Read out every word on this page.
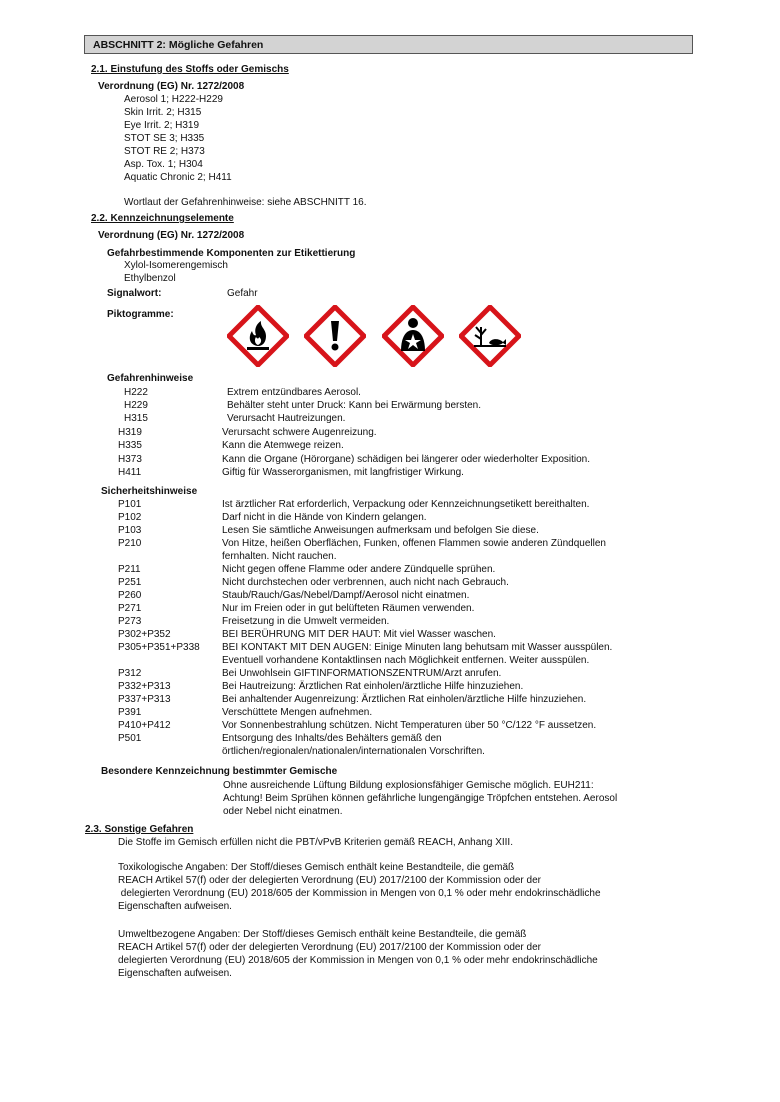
ABSCHNITT 2: Mögliche Gefahren
2.1. Einstufung des Stoffs oder Gemischs
Verordnung (EG) Nr. 1272/2008
Aerosol 1; H222-H229
Skin Irrit. 2; H315
Eye Irrit. 2; H319
STOT SE 3; H335
STOT RE 2; H373
Asp. Tox. 1; H304
Aquatic Chronic 2; H411
Wortlaut der Gefahrenhinweise: siehe ABSCHNITT 16.
2.2. Kennzeichnungselemente
Verordnung (EG) Nr. 1272/2008
Gefahrbestimmende Komponenten zur Etikettierung
Xylol-Isomerengemisch
Ethylbenzol
Signalwort:	Gefahr
Piktogramme:
Gefahrenhinweise
H222	Extrem entzündbares Aerosol.
H229	Behälter steht unter Druck: Kann bei Erwärmung bersten.
H315	Verursacht Hautreizungen.
H319	Verursacht schwere Augenreizung.
H335	Kann die Atemwege reizen.
H373	Kann die Organe (Hörorgane) schädigen bei längerer oder wiederholter Exposition.
H411	Giftig für Wasserorganismen, mit langfristiger Wirkung.
Sicherheitshinweise
P101	Ist ärztlicher Rat erforderlich, Verpackung oder Kennzeichnungsetikett bereithalten.
P102	Darf nicht in die Hände von Kindern gelangen.
P103	Lesen Sie sämtliche Anweisungen aufmerksam und befolgen Sie diese.
P210	Von Hitze, heißen Oberflächen, Funken, offenen Flammen sowie anderen Zündquellen
fernhalten. Nicht rauchen.
P211	Nicht gegen offene Flamme oder andere Zündquelle sprühen.
P251	Nicht durchstechen oder verbrennen, auch nicht nach Gebrauch.
P260	Staub/Rauch/Gas/Nebel/Dampf/Aerosol nicht einatmen.
P271	Nur im Freien oder in gut belüfteten Räumen verwenden.
P273	Freisetzung in die Umwelt vermeiden.
P302+P352	BEI BERÜHRUNG MIT DER HAUT: Mit viel Wasser waschen.
P305+P351+P338 BEI KONTAKT MIT DEN AUGEN: Einige Minuten lang behutsam mit Wasser ausspülen.
Eventuell vorhandene Kontaktlinsen nach Möglichkeit entfernen. Weiter ausspülen.
P312	Bei Unwohlsein GIFTINFORMATIONSZENTRUM/Arzt anrufen.
P332+P313	Bei Hautreizung: Ärztlichen Rat einholen/ärztliche Hilfe hinzuziehen.
P337+P313	Bei anhaltender Augenreizung: Ärztlichen Rat einholen/ärztliche Hilfe hinzuziehen.
P391	Verschüttete Mengen aufnehmen.
P410+P412	Vor Sonnenbestrahlung schützen. Nicht Temperaturen über 50 °C/122 °F aussetzen.
P501	Entsorgung des Inhalts/des Behälters gemäß den
örtlichen/regionalen/nationalen/internationalen Vorschriften.
Besondere Kennzeichnung bestimmter Gemische
Ohne ausreichende Lüftung Bildung explosionsfähiger Gemische möglich. EUH211:
Achtung! Beim Sprühen können gefährliche lungengängige Tröpfchen entstehen. Aerosol
oder Nebel nicht einatmen.
2.3. Sonstige Gefahren
Die Stoffe im Gemisch erfüllen nicht die PBT/vPvB Kriterien gemäß REACH, Anhang XIII.
Toxikologische Angaben: Der Stoff/dieses Gemisch enthält keine Bestandteile, die gemäß
REACH Artikel 57(f) oder der delegierten Verordnung (EU) 2017/2100 der Kommission oder der
delegierten Verordnung (EU) 2018/605 der Kommission in Mengen von 0,1 % oder mehr endokrinschädliche
Eigenschaften aufweisen.
Umweltbezogene Angaben: Der Stoff/dieses Gemisch enthält keine Bestandteile, die gemäß
REACH Artikel 57(f) oder der delegierten Verordnung (EU) 2017/2100 der Kommission oder der
delegierten Verordnung (EU) 2018/605 der Kommission in Mengen von 0,1 % oder mehr endokrinschädliche
Eigenschaften aufweisen.
